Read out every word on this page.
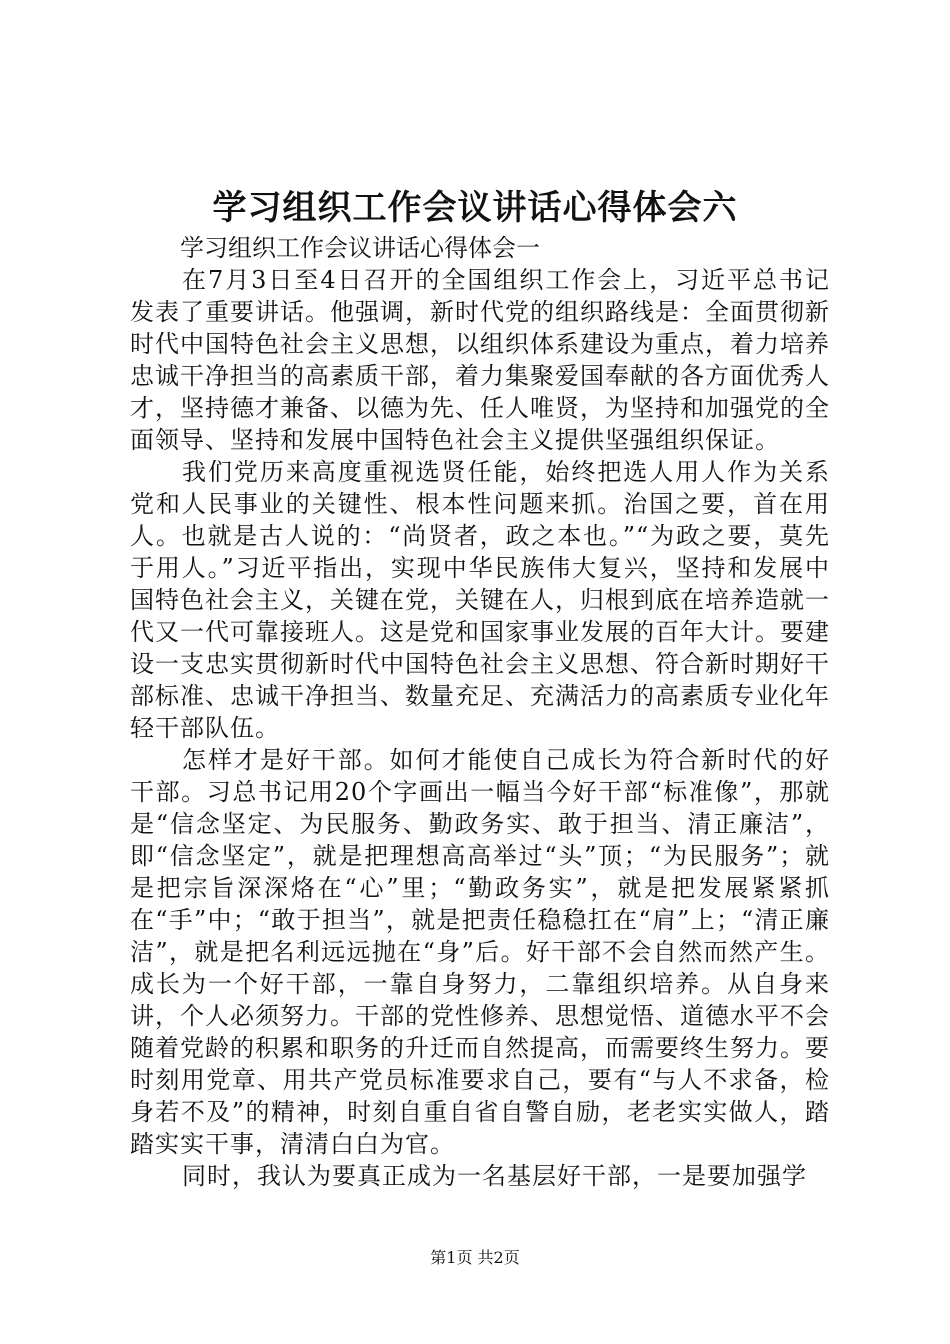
学习组织工作会议讲话心得体会六

学习组织工作会议讲话心得体会一

在7月3日至4日召开的全国组织工作会上，习近平总书记发表了重要讲话。他强调，新时代党的组织路线是：全面贯彻新时代中国特色社会主义思想，以组织体系建设为重点，着力培养忠诚干净担当的高素质干部，着力集聚爱国奉献的各方面优秀人才，坚持德才兼备、以德为先、任人唯贤，为坚持和加强党的全面领导、坚持和发展中国特色社会主义提供坚强组织保证。

我们党历来高度重视选贤任能，始终把选人用人作为关系党和人民事业的关键性、根本性问题来抓。治国之要，首在用人。也就是古人说的：“尚贤者，政之本也。”“为政之要，莫先于用人。”习近平指出，实现中华民族伟大复兴，坚持和发展中国特色社会主义，关键在党，关键在人，归根到底在培养造就一代又一代可靠接班人。这是党和国家事业发展的百年大计。要建设一支忠实贯彻新时代中国特色社会主义思想、符合新时期好干部标准、忠诚干净担当、数量充足、充满活力的高素质专业化年轻干部队伍。

怎样才是好干部。如何才能使自己成长为符合新时代的好干部。习总书记用20个字画出一幅当今好干部“标准像”，那就是“信念坚定、为民服务、勤政务实、敢于担当、清正廉洁”，即“信念坚定”，就是把理想高高举过“头”顶；“为民服务”；就是把宗旨深深烙在“心”里；“勤政务实”，就是把发展紧紧抓在“手”中；“敢于担当”，就是把责任稳稳扛在“肩”上；“清正廉洁”，就是把名利远远抛在“身”后。好干部不会自然而然产生。成长为一个好干部，一靠自身努力，二靠组织培养。从自身来讲，个人必须努力。干部的党性修养、思想觉悟、道德水平不会随着党龄的积累和职务的升迁而自然提高，而需要终生努力。要时刻用党章、用共产党员标准要求自己，要有“与人不求备，检身若不及”的精神，时刻自重自省自警自励，老老实实做人，踏踏实实干事，清清白白为官。

同时，我认为要真正成为一名基层好干部，一是要加强学

第1页 共2页
